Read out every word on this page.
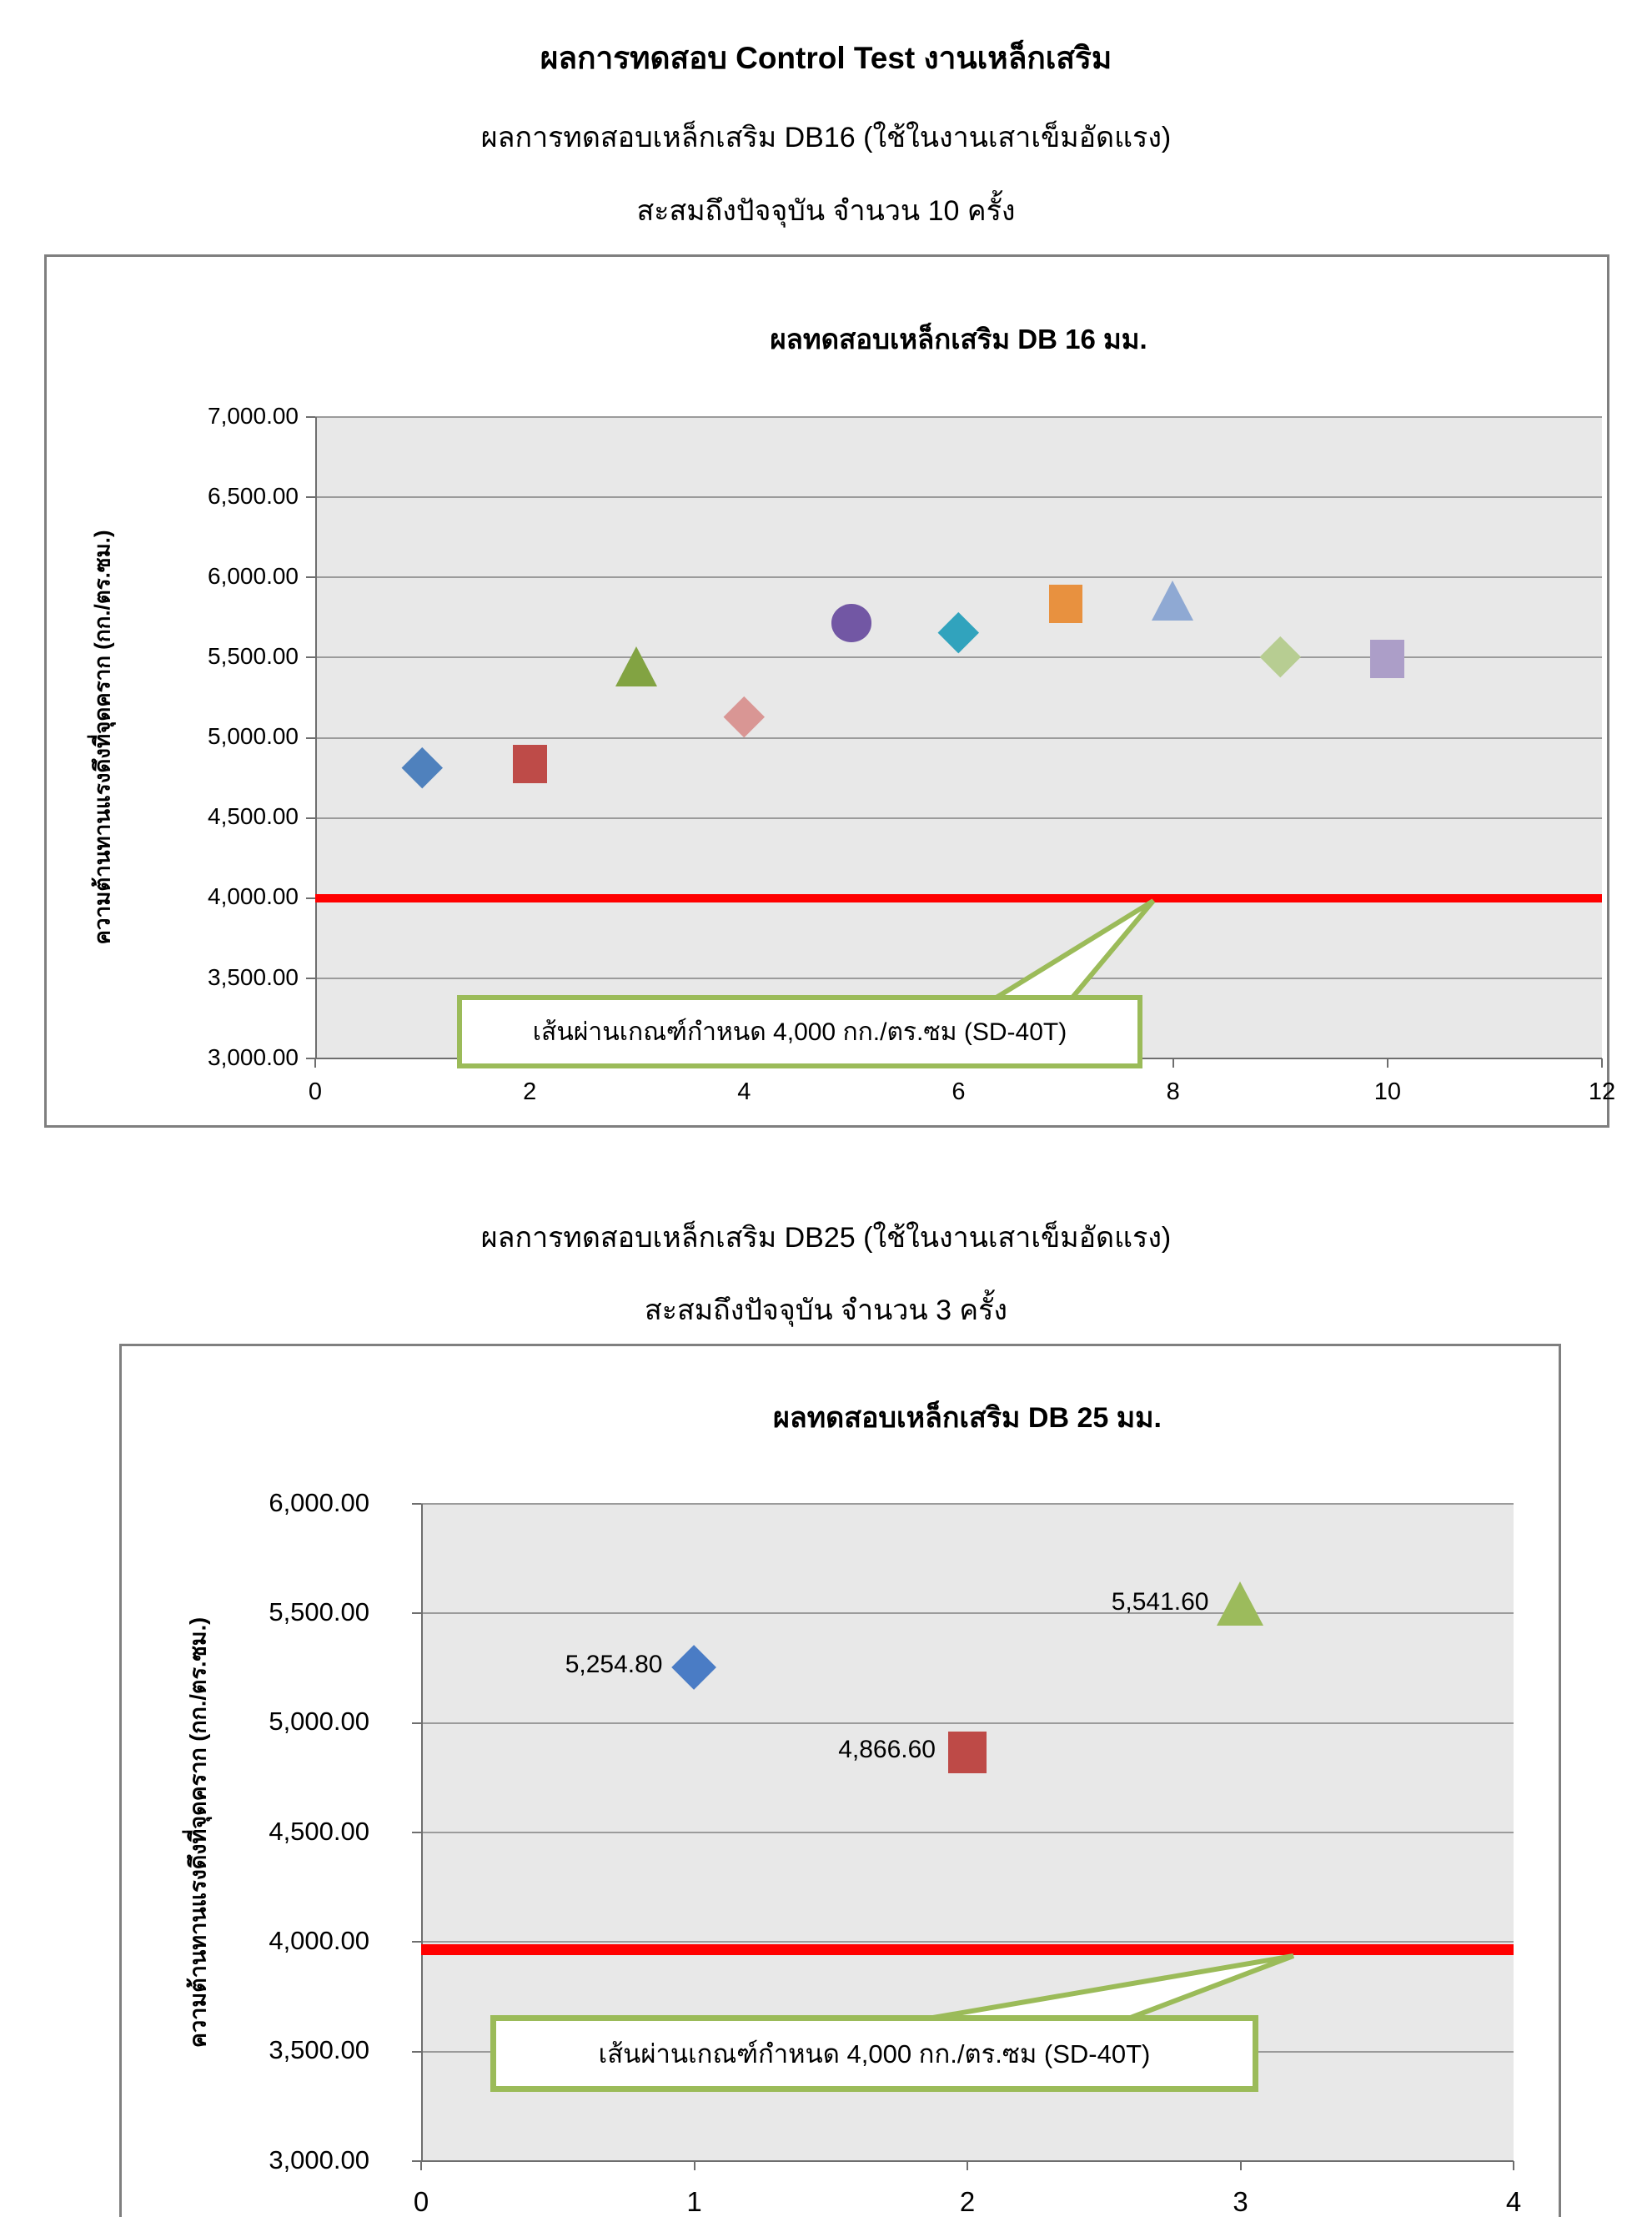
ผลการทดสอบ Control Test งานเหล็กเสริม
ผลการทดสอบเหล็กเสริม DB16 (ใช้ในงานเสาเข็มอัดแรง)
สะสมถึงปัจจุบัน จำนวน 10 ครั้ง
ผลทดสอบเหล็กเสริม DB 16 มม.
ความต้านทานแรงดึงที่จุดคราก (กก./ตร.ซม.)
7,000.00
6,500.00
6,000.00
5,500.00
5,000.00
4,500.00
4,000.00
3,500.00
3,000.00
0	2	4	6	8	10	12
เส้นผ่านเกณฑ์กำหนด 4,000 กก./ตร.ซม (SD-40T)
ผลการทดสอบเหล็กเสริม DB25 (ใช้ในงานเสาเข็มอัดแรง)
สะสมถึงปัจจุบัน จำนวน 3 ครั้ง
ผลทดสอบเหล็กเสริม DB 25 มม.
ความต้านทานแรงดึงที่จุดคราก (กก./ตร.ซม.)	5,254.80
4,866.60
5,541.60
6,000.00
5,500.00
5,000.00
4,500.00
4,000.00
3,500.00
3,000.00
0	1	2	3	4
เส้นผ่านเกณฑ์กำหนด 4,000 กก./ตร.ซม (SD-40T)
